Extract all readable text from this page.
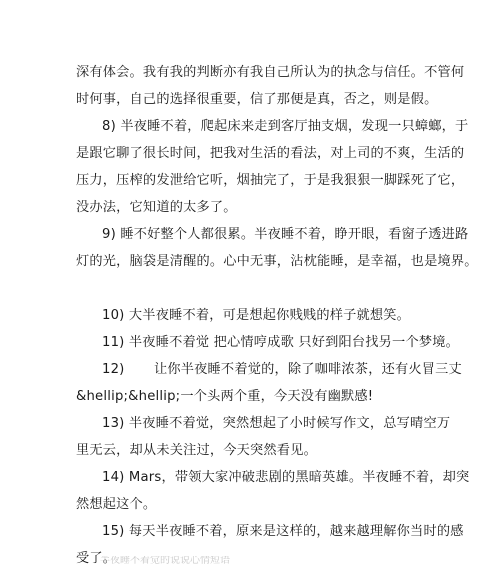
深有体会。我有我的判断亦有我自己所认为的执念与信任。不管何
时何事，自己的选择很重要，信了那便是真，否之，则是假。
8) 半夜睡不着，爬起床来走到客厅抽支烟，发现一只蟑螂，于
是跟它聊了很长时间，把我对生活的看法，对上司的不爽，生活的
压力，压榨的发泄给它听，烟抽完了，于是我狠狠一脚踩死了它，
没办法，它知道的太多了。
9) 睡不好整个人都很累。半夜睡不着，睁开眼，看窗子透进路
灯的光，脑袋是清醒的。心中无事，沾枕能睡，是幸福，也是境界。
10) 大半夜睡不着，可是想起你贱贱的样子就想笑。
11) 半夜睡不着觉 把心情哼成歌 只好到阳台找另一个梦境。
12)	让你半夜睡不着觉的，除了咖啡浓茶，还有火冒三丈
&hellip;&hellip;一个头两个重，今天没有幽默感!
13) 半夜睡不着觉，突然想起了小时候写作文，总写晴空万
里无云，却从未关注过，今天突然看见。
14) Mars，带领大家冲破悲剧的黑暗英雄。半夜睡不着，却突
然想起这个。
15) 每天半夜睡不着，原来是这样的，越来越理解你当时的感
受了。
半夜睡不着觉的说说心情短语
